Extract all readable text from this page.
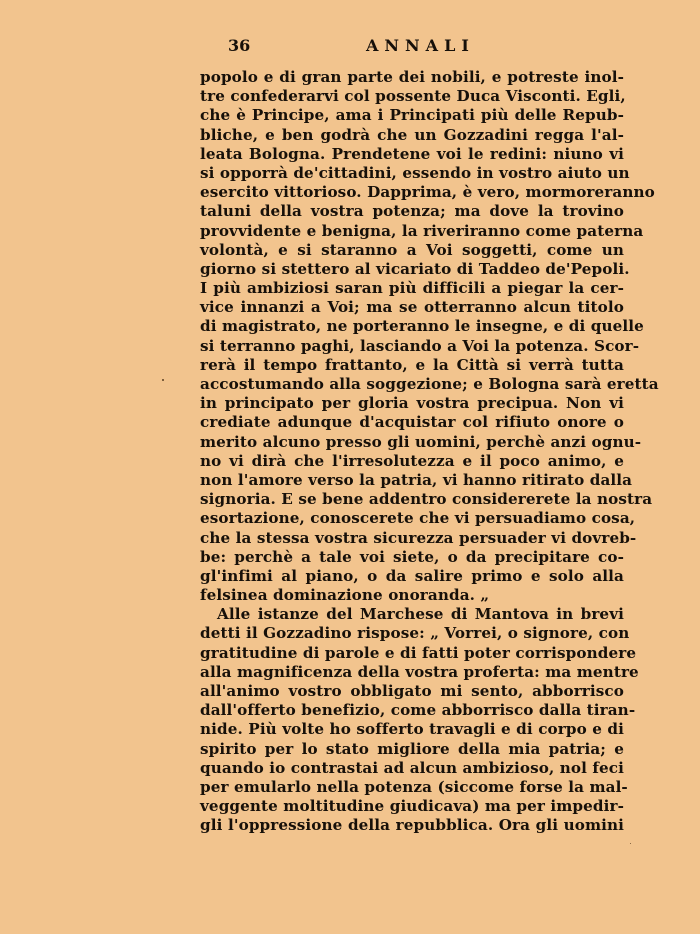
36	ANNALI
popolo e di gran parte dei nobili, e potreste inol-
tre confederarvi col possente Duca Visconti. Egli,
che è Principe, ama i Principati più delle Repub-
bliche, e ben godrà che un Gozzadini regga l'al-
leata Bologna. Prendetene voi le redini: niuno vi
si opporrà de'cittadini, essendo in vostro aiuto un
esercito vittorioso. Dapprima, è vero, mormoreranno
taluni della vostra potenza; ma dove la trovino
provvidente e benigna, la riveriranno come paterna
volontà, e si staranno a Voi soggetti, come un
giorno si stettero al vicariato di Taddeo de'Pepoli.
I più ambiziosi saran più difficili a piegar la cer-
vice innanzi a Voi; ma se otterranno alcun titolo
di magistrato, ne porteranno le insegne, e di quelle
si terranno paghi, lasciando a Voi la potenza. Scor-
rerà il tempo frattanto, e la Città si verrà tutta
accostumando alla soggezione; e Bologna sarà eretta
in principato per gloria vostra precipua. Non vi
crediate adunque d'acquistar col rifiuto onore o
merito alcuno presso gli uomini, perchè anzi ognu-
no vi dirà che l'irresolutezza e il poco animo, e
non l'amore verso la patria, vi hanno ritirato dalla
signoria. E se bene addentro considererete la nostra
esortazione, conoscerete che vi persuadiamo cosa,
che la stessa vostra sicurezza persuader vi dovreb-
be: perchè a tale voi siete, o da precipitare co-
gl'infimi al piano, o da salire primo e solo alla
felsinea dominazione onoranda. „
Alle istanze del Marchese di Mantova in brevi
detti il Gozzadino rispose: „ Vorrei, o signore, con
gratitudine di parole e di fatti poter corrispondere
alla magnificenza della vostra proferta: ma mentre
all'animo vostro obbligato mi sento, abborrisco
dall'offerto benefizio, come abborrisco dalla tiran-
nide. Più volte ho sofferto travagli e di corpo e di
spirito per lo stato migliore della mia patria; e
quando io contrastai ad alcun ambizioso, nol feci
per emularlo nella potenza (siccome forse la mal-
veggente moltitudine giudicava) ma per impedir-
gli l'oppressione della repubblica. Ora gli uomini
